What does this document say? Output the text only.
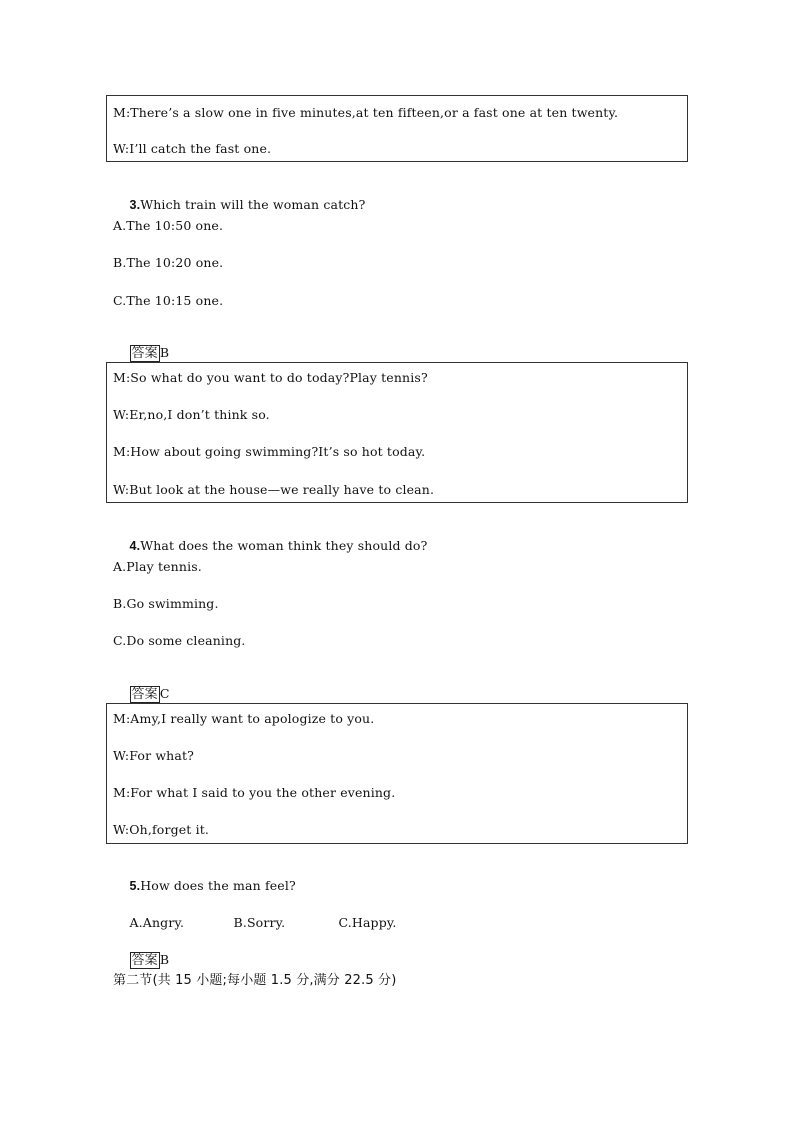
M:There’s a slow one in five minutes,at ten fifteen,or a fast one at ten twenty.
W:I’ll catch the fast one.

3.Which train will the woman catch?

A.The 10:50 one.
B.The 10:20 one.
C.The 10:15 one.

答案 B

M:So what do you want to do today?Play tennis?
W:Er,no,I don’t think so.
M:How about going swimming?It’s so hot today.
W:But look at the house—we really have to clean.

4.What does the woman think they should do?

A.Play tennis.
B.Go swimming.
C.Do some cleaning.

答案 C

M:Amy,I really want to apologize to you.
W:For what?
M:For what I said to you the other evening.
W:Oh,forget it.

5.How does the man feel?

A.Angry.	B.Sorry.	C.Happy.

答案 B

第二节(共 15 小题;每小题 1.5 分,满分 22.5 分)
